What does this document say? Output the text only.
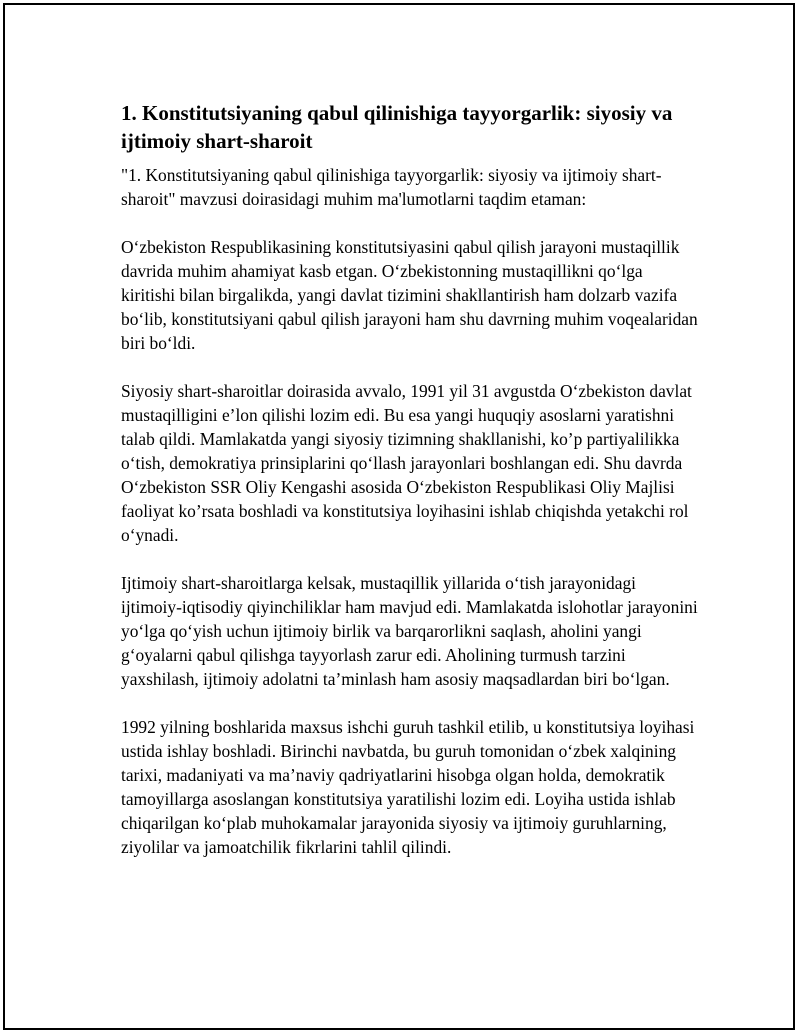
1. Konstitutsiyaning qabul qilinishiga tayyorgarlik: siyosiy va ijtimoiy shart-sharoit

"1. Konstitutsiyaning qabul qilinishiga tayyorgarlik: siyosiy va ijtimoiy shart-sharoit" mavzusi doirasidagi muhim ma'lumotlarni taqdim etaman:

O‘zbekiston Respublikasining konstitutsiyasini qabul qilish jarayoni mustaqillik davrida muhim ahamiyat kasb etgan. O‘zbekistonning mustaqillikni qo‘lga kiritishi bilan birgalikda, yangi davlat tizimini shakllantirish ham dolzarb vazifa bo‘lib, konstitutsiyani qabul qilish jarayoni ham shu davrning muhim voqealaridan biri bo‘ldi.

Siyosiy shart-sharoitlar doirasida avvalo, 1991 yil 31 avgustda O‘zbekiston davlat mustaqilligini e’lon qilishi lozim edi. Bu esa yangi huquqiy asoslarni yaratishni talab qildi. Mamlakatda yangi siyosiy tizimning shakllanishi, ko’p partiyalilikka o‘tish, demokratiya prinsiplarini qo‘llash jarayonlari boshlangan edi. Shu davrda O‘zbekiston SSR Oliy Kengashi asosida O‘zbekiston Respublikasi Oliy Majlisi faoliyat ko’rsata boshladi va konstitutsiya loyihasini ishlab chiqishda yetakchi rol o‘ynadi.

Ijtimoiy shart-sharoitlarga kelsak, mustaqillik yillarida o‘tish jarayonidagi ijtimoiy-iqtisodiy qiyinchiliklar ham mavjud edi. Mamlakatda islohotlar jarayonini yo‘lga qo‘yish uchun ijtimoiy birlik va barqarorlikni saqlash, aholini yangi g‘oyalarni qabul qilishga tayyorlash zarur edi. Aholining turmush tarzini yaxshilash, ijtimoiy adolatni ta’minlash ham asosiy maqsadlardan biri bo‘lgan.

1992 yilning boshlarida maxsus ishchi guruh tashkil etilib, u konstitutsiya loyihasi ustida ishlay boshladi. Birinchi navbatda, bu guruh tomonidan o‘zbek xalqining tarixi, madaniyati va ma’naviy qadriyatlarini hisobga olgan holda, demokratik tamoyillarga asoslangan konstitutsiya yaratilishi lozim edi. Loyiha ustida ishlab chiqarilgan ko‘plab muhokamalar jarayonida siyosiy va ijtimoiy guruhlarning, ziyolilar va jamoatchilik fikrlarini tahlil qilindi.
